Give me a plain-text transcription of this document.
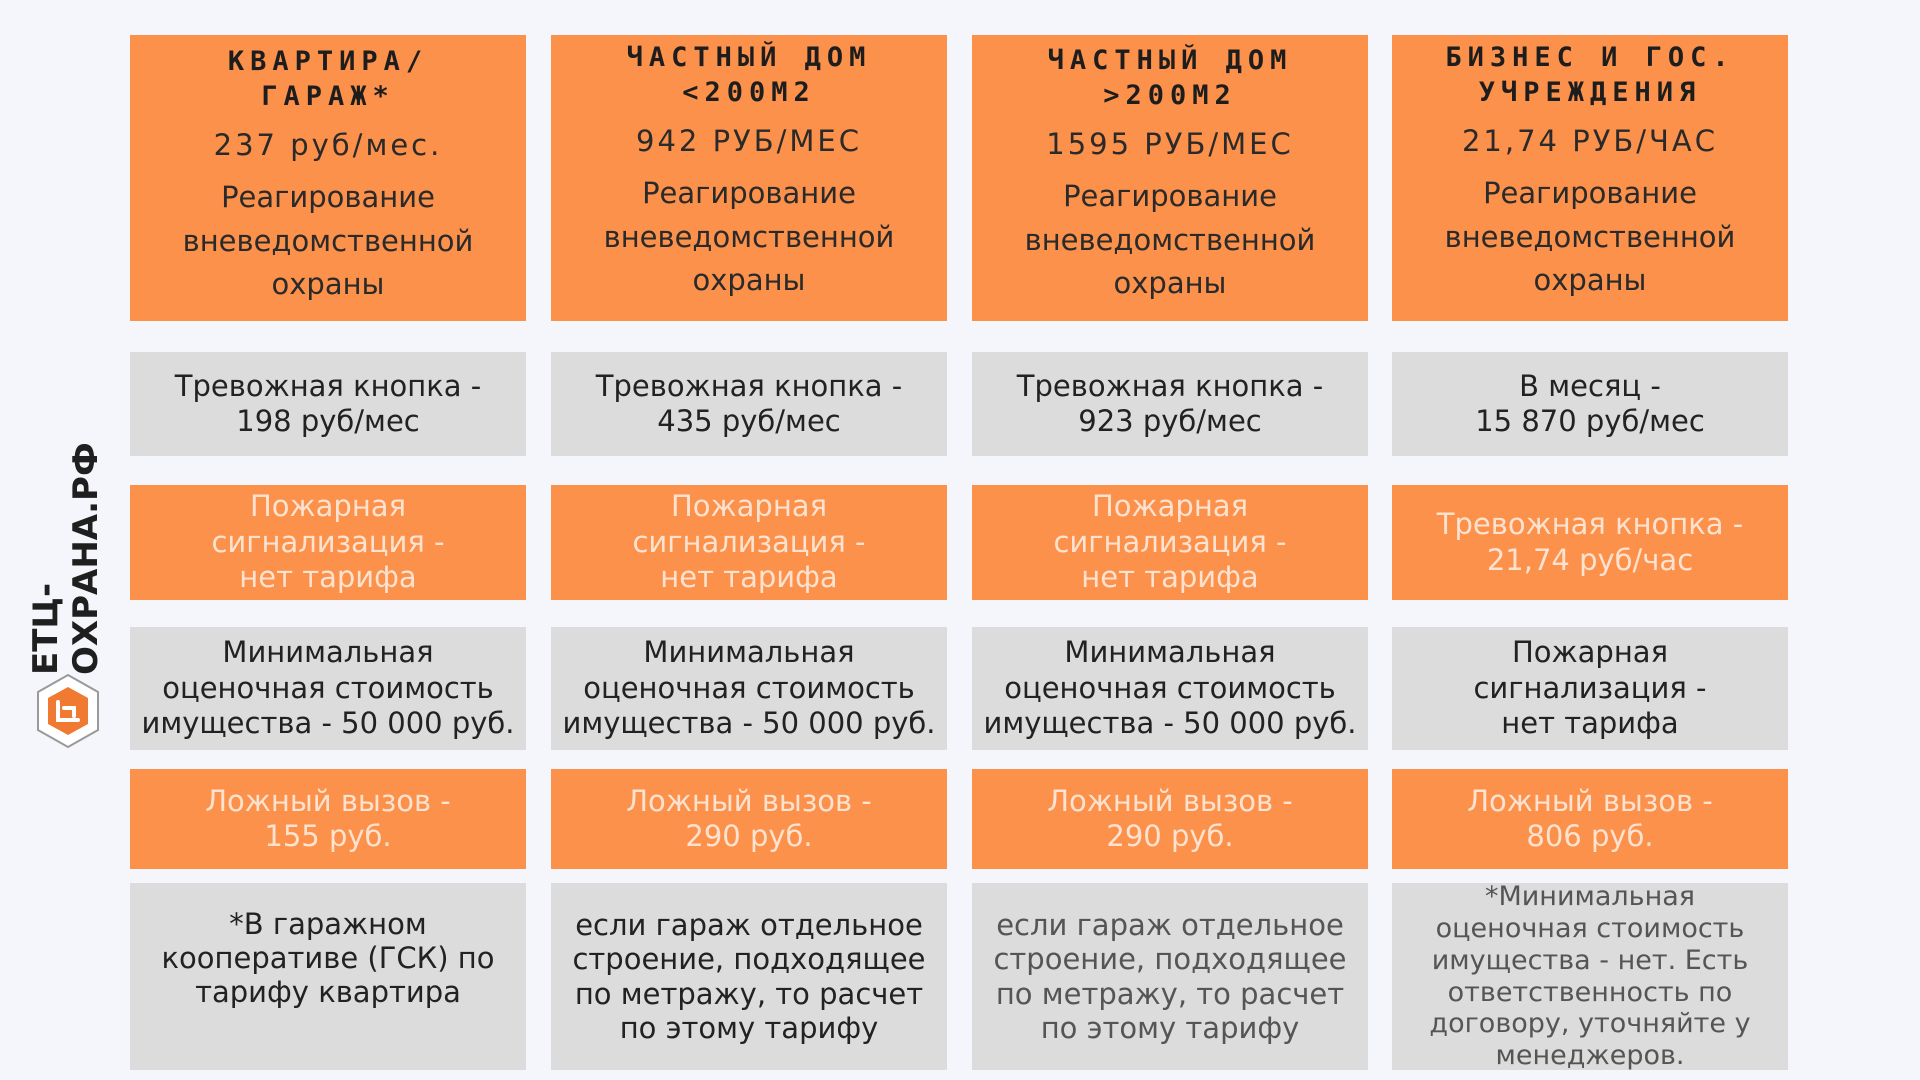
ЕТЦ-ОХРАНА.РФ
КВАРТИРА/
ГАРАЖ*
237 руб/мес.
Реагирование
вневедомственной
охраны
Тревожная кнопка -
198 руб/мес
Пожарная
сигнализация -
нет тарифа
Минимальная
оценочная стоимость
имущества - 50 000 руб.
Ложный вызов -
155 руб.
*В гаражном
кооперативе (ГСК) по
тарифу квартира
ЧАСТНЫЙ ДОМ
<200М2
942 РУБ/МЕС
Реагирование
вневедомственной
охраны
Тревожная кнопка -
435 руб/мес
Пожарная
сигнализация -
нет тарифа
Минимальная
оценочная стоимость
имущества - 50 000 руб.
Ложный вызов -
290 руб.
если гараж отдельное
строение, подходящее
по метражу, то расчет
по этому тарифу
ЧАСТНЫЙ ДОМ
>200М2
1595 РУБ/МЕС
Реагирование
вневедомственной
охраны
Тревожная кнопка -
923 руб/мес
Пожарная
сигнализация -
нет тарифа
Минимальная
оценочная стоимость
имущества - 50 000 руб.
Ложный вызов -
290 руб.
если гараж отдельное
строение, подходящее
по метражу, то расчет
по этому тарифу
БИЗНЕС И ГОС.
УЧРЕЖДЕНИЯ
21,74 РУБ/ЧАС
Реагирование
вневедомственной
охраны
В месяц -
15 870 руб/мес
Тревожная кнопка -
21,74 руб/час
Пожарная
сигнализация -
нет тарифа
Ложный вызов -
806 руб.
*Минимальная
оценочная стоимость
имущества - нет. Есть
ответственность по
договору, уточняйте у
менеджеров.
